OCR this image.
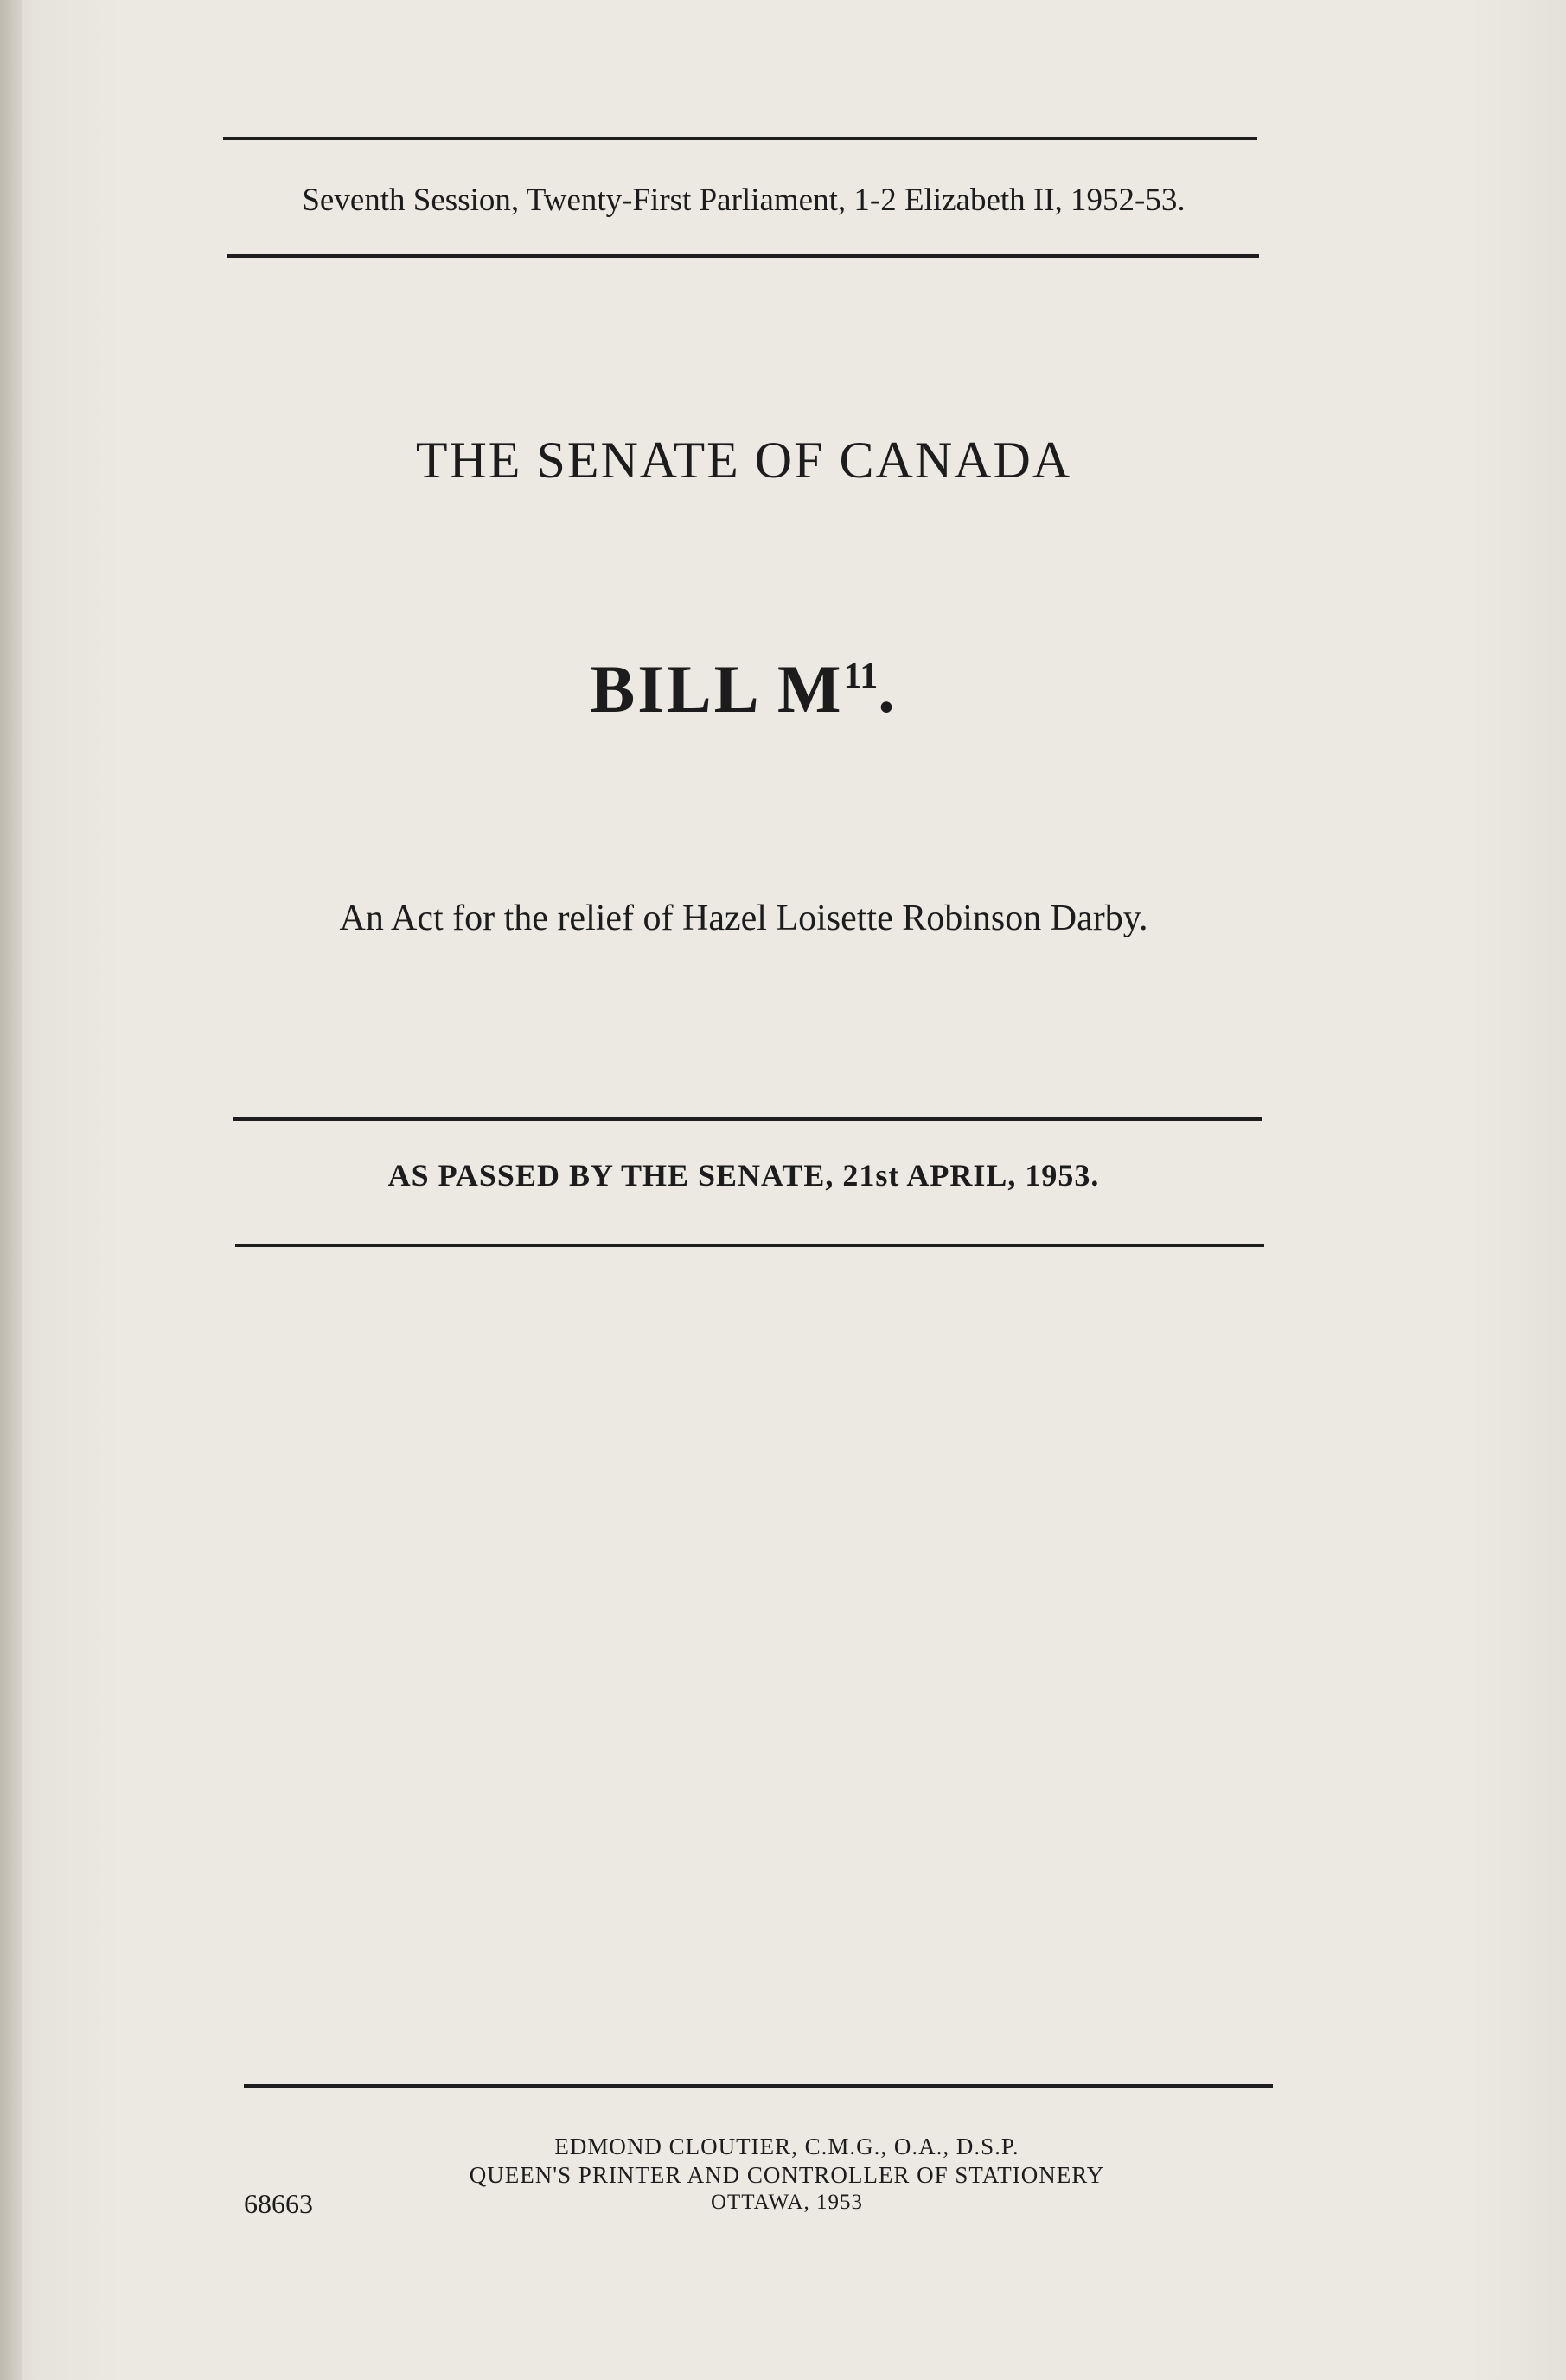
Seventh Session, Twenty-First Parliament, 1-2 Elizabeth II, 1952-53.
THE SENATE OF CANADA
BILL $M^{11}$.
An Act for the relief of Hazel Loisette Robinson Darby.
AS PASSED BY THE SENATE, 21st APRIL, 1953.
EDMOND CLOUTIER, C.M.G., O.A., D.S.P.
QUEEN'S PRINTER AND CONTROLLER OF STATIONERY
OTTAWA, 1953
68663
